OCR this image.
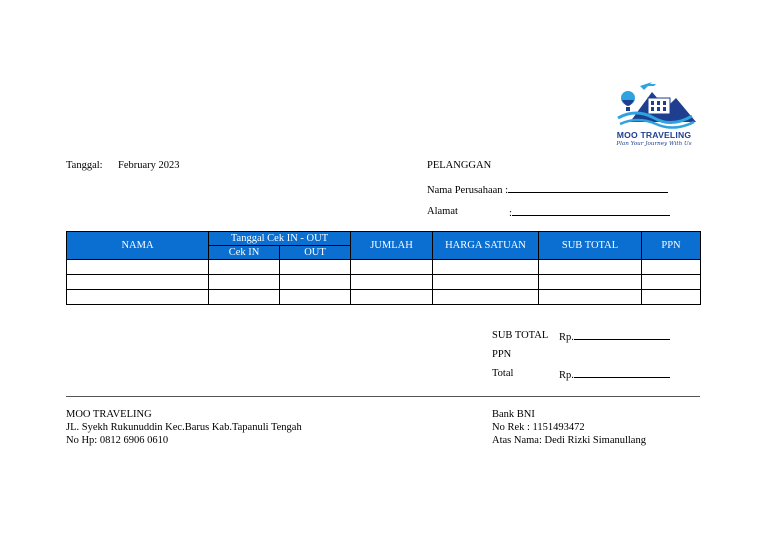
MOO TRAVELING
Plan Your Journey With Us
Tanggal: February 2023	PELANGGAN
Nama Perusahaan :
Alamat	:
NAMA	Tanggal Cek IN - OUT		JUMLAH	HARGA SATUAN	SUB TOTAL	PPN
	Cek IN	OUT				

SUB TOTAL Rp.
PPN
Total	Rp.
MOO TRAVELING
JL. Syekh Rukunuddin Kec.Barus Kab.Tapanuli Tengah
No Hp: 0812 6906 0610
Bank BNI
No Rek : 1151493472
Atas Nama: Dedi Rizki Simanullang
